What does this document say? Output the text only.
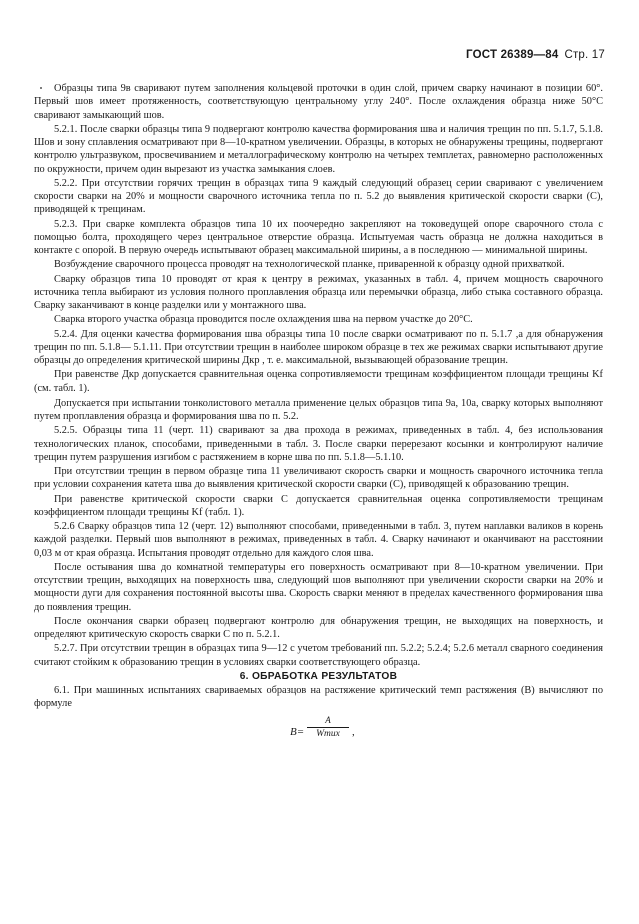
ГОСТ 26389—84 Стр. 17

Образцы типа 9в сваривают путем заполнения кольцевой проточки в один слой, причем сварку начинают в позиции 60°. Первый шов имеет протяженность, соответствующую центральному углу 240°. После охлаждения образца ниже 50°С сваривают замыкающий шов.

5.2.1. После сварки образцы типа 9 подвергают контролю качества формирования шва и наличия трещин по пп. 5.1.7, 5.1.8. Шов и зону сплавления осматривают при 8—10-кратном увеличении. Образцы, в которых не обнаружены трещины, подвергают контролю ультразвуком, просвечиванием и металлографическому контролю на четырех темплетах, равномерно расположенных по окружности, причем один вырезают из участка замыкания слоев.

5.2.2. При отсутствии горячих трещин в образцах типа 9 каждый следующий образец серии сваривают с увеличением скорости сварки на 20% и мощности сварочного источника тепла по п. 5.2 до выявления критической скорости сварки (C), приводящей к трещинам.

5.2.3. При сварке комплекта образцов типа 10 их поочередно закрепляют на токоведущей опоре сварочного стола с помощью болта, проходящего через центральное отверстие образца. Испытуемая часть образца не должна находиться в контакте с опорой. В первую очередь испытывают образец максимальной ширины, а в последнюю — минимальной ширины.

Возбуждение сварочного процесса проводят на технологической планке, приваренной к образцу одной прихваткой.

Сварку образцов типа 10 проводят от края к центру в режимах, указанных в табл. 4, причем мощность сварочного источника тепла выбирают из условия полного проплавления образца или перемычки образца, либо стыка составного образца. Сварку заканчивают в конце разделки или у монтажного шва.

Сварка второго участка образца проводится после охлаждения шва на первом участке до 20°С.

5.2.4. Для оценки качества формирования шва образцы типа 10 после сварки осматривают по п. 5.1.7 ,а для обнаружения трещин по пп. 5.1.8— 5.1.11. При отсутствии трещин в наиболее широком образце в тех же режимах сварки испытывают другие образцы до определения критической ширины Дкр , т. е. максимальной, вызывающей образование трещин.

При равенстве Дкр допускается сравнительная оценка сопротивляемости трещинам коэффициентом площади трещины Kf (см. табл. 1).

Допускается при испытании тонколистового металла применение целых образцов типа 9а, 10а, сварку которых выполняют путем проплавления образца и формирования шва по п. 5.2.

5.2.5. Образцы типа 11 (черт. 11) сваривают за два прохода в режимах, приведенных в табл. 4, без использования технологических планок, способами, приведенными в табл. 3. После сварки перерезают косынки и контролируют наличие трещин путем разрушения изгибом с растяжением в корне шва по пп. 5.1.8—5.1.10.

При отсутствии трещин в первом образце типа 11 увеличивают скорость сварки и мощность сварочного источника тепла при условии сохранения катета шва до выявления критической скорости сварки (C), приводящей к образованию трещин.

При равенстве критической скорости сварки C допускается сравнительная оценка сопротивляемости трещинам коэффициентом площади трещины Kf (табл. 1).

5.2.6 Сварку образцов типа 12 (черт. 12) выполняют способами, приведенными в табл. 3, путем наплавки валиков в корень каждой разделки. Первый шов выполняют в режимах, приведенных в табл. 4. Сварку начинают и оканчивают на расстоянии 0,03 м от края образца. Испытания проводят отдельно для каждого слоя шва.

После остывания шва до комнатной температуры его поверхность осматривают при 8—10-кратном увеличении. При отсутствии трещин, выходящих на поверхность шва, следующий шов выполняют при увеличении скорости сварки на 20% и мощности дуги для сохранения постоянной высоты шва. Скорость сварки меняют в пределах качественного формирования шва до появления трещин.

После окончания сварки образец подвергают контролю для обнаружения трещин, не выходящих на поверхность, и определяют критическую скорость сварки C по п. 5.2.1.

5.2.7. При отсутствии трещин в образцах типа 9—12 с учетом требований пп. 5.2.2; 5.2.4; 5.2.6 металл сварного соединения считают стойким к образованию трещин в условиях сварки соответствующего образца.

6. ОБРАБОТКА РЕЗУЛЬТАТОВ

6.1. При машинных испытаниях свариваемых образцов на растяжение критический темп растяжения (B) вычисляют по формуле

B=
A
Wтих	,
